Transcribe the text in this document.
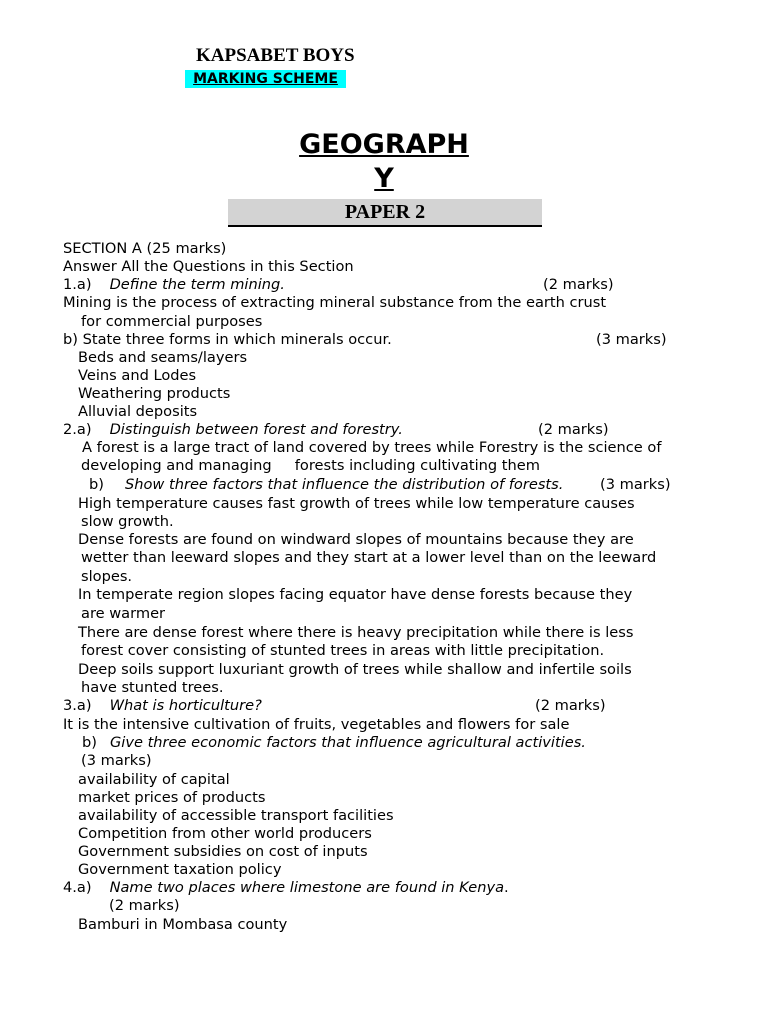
KAPSABET BOYS
MARKING SCHEME
GEOGRAPH
Y
PAPER 2
SECTION A (25 marks)
Answer All the Questions in this Section
1.a) Define the term mining.	(2 marks)
Mining is the process of extracting mineral substance from the earth crust
for commercial purposes
b) State three forms in which minerals occur.	(3 marks)
Beds and seams/layers
Veins and Lodes
Weathering products
Alluvial deposits
2.a) Distinguish between forest and forestry.	(2 marks)
A forest is a large tract of land covered by trees while Forestry is the science of
developing and managing     forests including cultivating them
b) Show three factors that influence the distribution of forests.	(3 marks)
High temperature causes fast growth of trees while low temperature causes
slow growth.
Dense forests are found on windward slopes of mountains because they are
wetter than leeward slopes and they start at a lower level than on the leeward
slopes.
In temperate region slopes facing equator have dense forests because they
are warmer
There are dense forest where there is heavy precipitation while there is less
forest cover consisting of stunted trees in areas with little precipitation.
Deep soils support luxuriant growth of trees while shallow and infertile soils
have stunted trees.
3.a) What is horticulture?	(2 marks)
It is the intensive cultivation of fruits, vegetables and flowers for sale
b) Give three economic factors that influence agricultural activities.
(3 marks)
availability of capital
market prices of products
availability of accessible transport facilities
Competition from other world producers
Government subsidies on cost of inputs
Government taxation policy
4.a) Name two places where limestone are found in Kenya.
(2 marks)
Bamburi in Mombasa county
